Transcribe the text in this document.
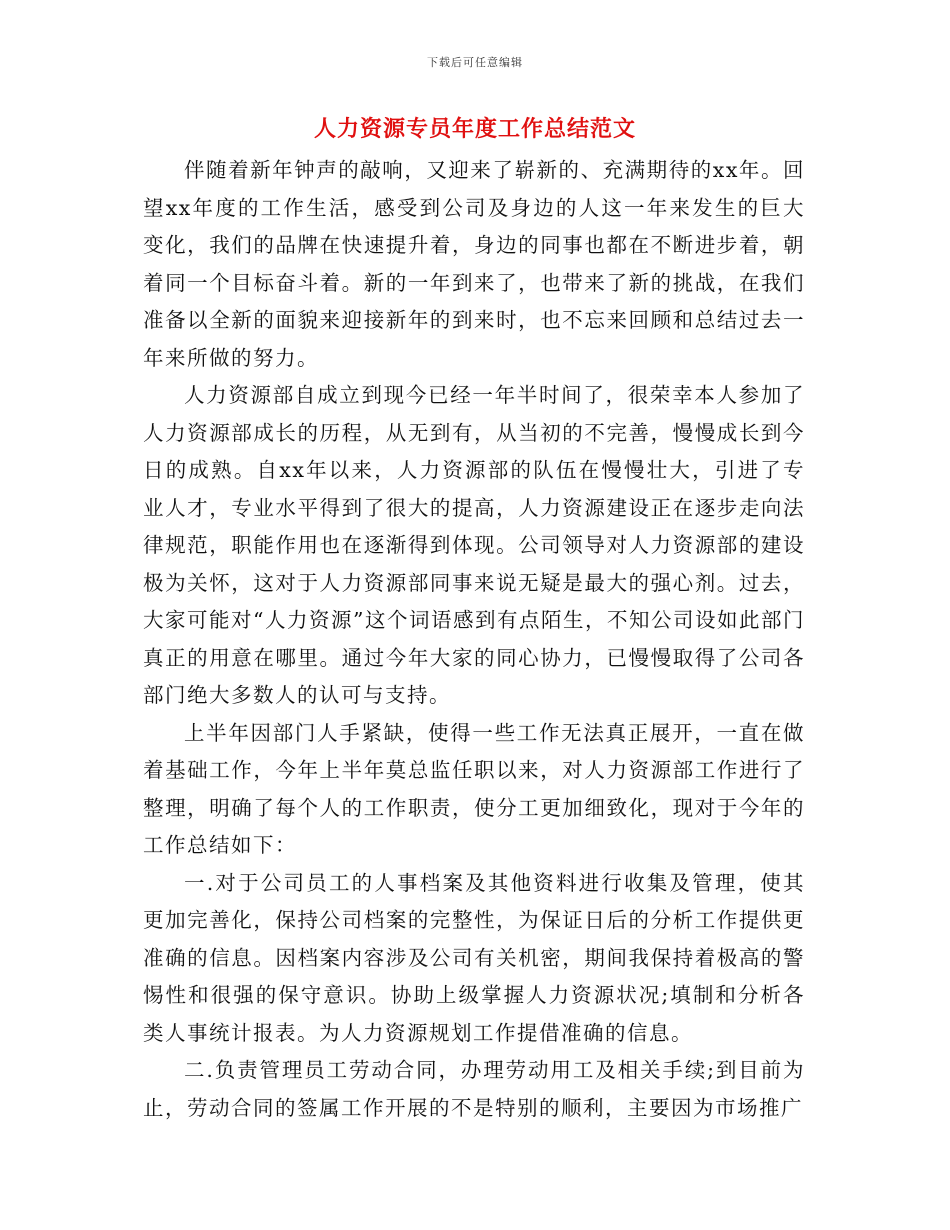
下载后可任意编辑
人力资源专员年度工作总结范文

伴随着新年钟声的敲响，又迎来了崭新的、充满期待的xx年。回望xx年度的工作生活，感受到公司及身边的人这一年来发生的巨大变化，我们的品牌在快速提升着，身边的同事也都在不断进步着，朝着同一个目标奋斗着。新的一年到来了，也带来了新的挑战，在我们准备以全新的面貌来迎接新年的到来时，也不忘来回顾和总结过去一年来所做的努力。

人力资源部自成立到现今已经一年半时间了，很荣幸本人参加了人力资源部成长的历程，从无到有，从当初的不完善，慢慢成长到今日的成熟。自xx年以来，人力资源部的队伍在慢慢壮大，引进了专业人才，专业水平得到了很大的提高，人力资源建设正在逐步走向法律规范，职能作用也在逐渐得到体现。公司领导对人力资源部的建设极为关怀，这对于人力资源部同事来说无疑是最大的强心剂。过去，大家可能对“人力资源”这个词语感到有点陌生，不知公司设如此部门真正的用意在哪里。通过今年大家的同心协力，已慢慢取得了公司各部门绝大多数人的认可与支持。

上半年因部门人手紧缺，使得一些工作无法真正展开，一直在做着基础工作，今年上半年莫总监任职以来，对人力资源部工作进行了整理，明确了每个人的工作职责，使分工更加细致化，现对于今年的工作总结如下：

一.对于公司员工的人事档案及其他资料进行收集及管理，使其更加完善化，保持公司档案的完整性，为保证日后的分析工作提供更准确的信息。因档案内容涉及公司有关机密，期间我保持着极高的警惕性和很强的保守意识。协助上级掌握人力资源状况;填制和分析各类人事统计报表。为人力资源规划工作提借准确的信息。

二.负责管理员工劳动合同，办理劳动用工及相关手续;到目前为止，劳动合同的签属工作开展的不是特别的顺利，主要因为市场推广
